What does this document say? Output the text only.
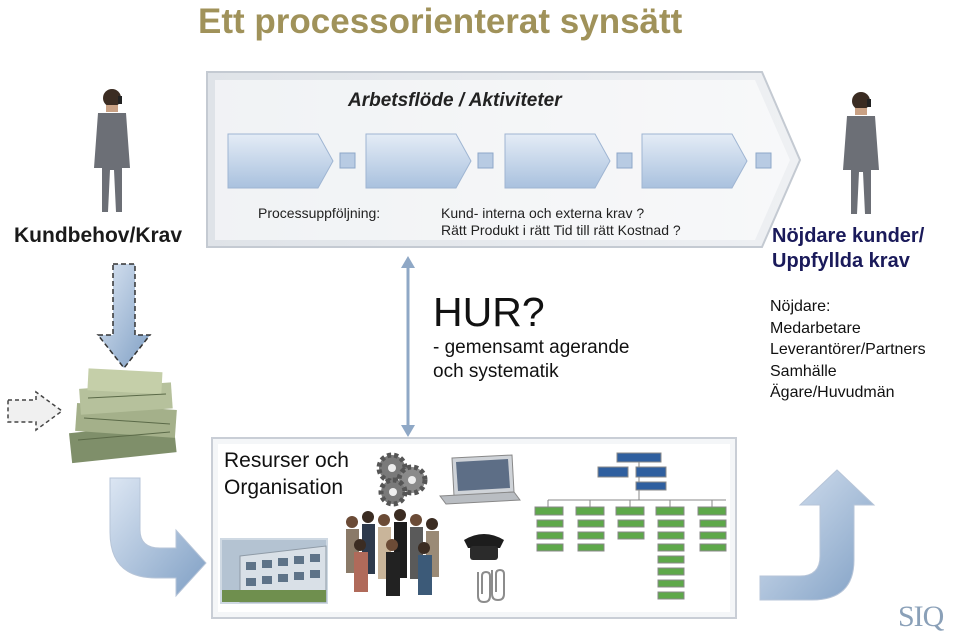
Ett processorienterat synsätt
Arbetsflöde / Aktiviteter
Processuppföljning:	Kund- interna och externa krav ?
Rätt Produkt i rätt Tid till rätt Kostnad ?
Kundbehov/Krav	Nöjdare kunder/
Uppfyllda krav
HUR?
- gemensamt agerande
och systematik
Nöjdare:
Medarbetare
Leverantörer/Partners
Samhälle
Ägare/Huvudmän
Resurser och
Organisation
SIQ
